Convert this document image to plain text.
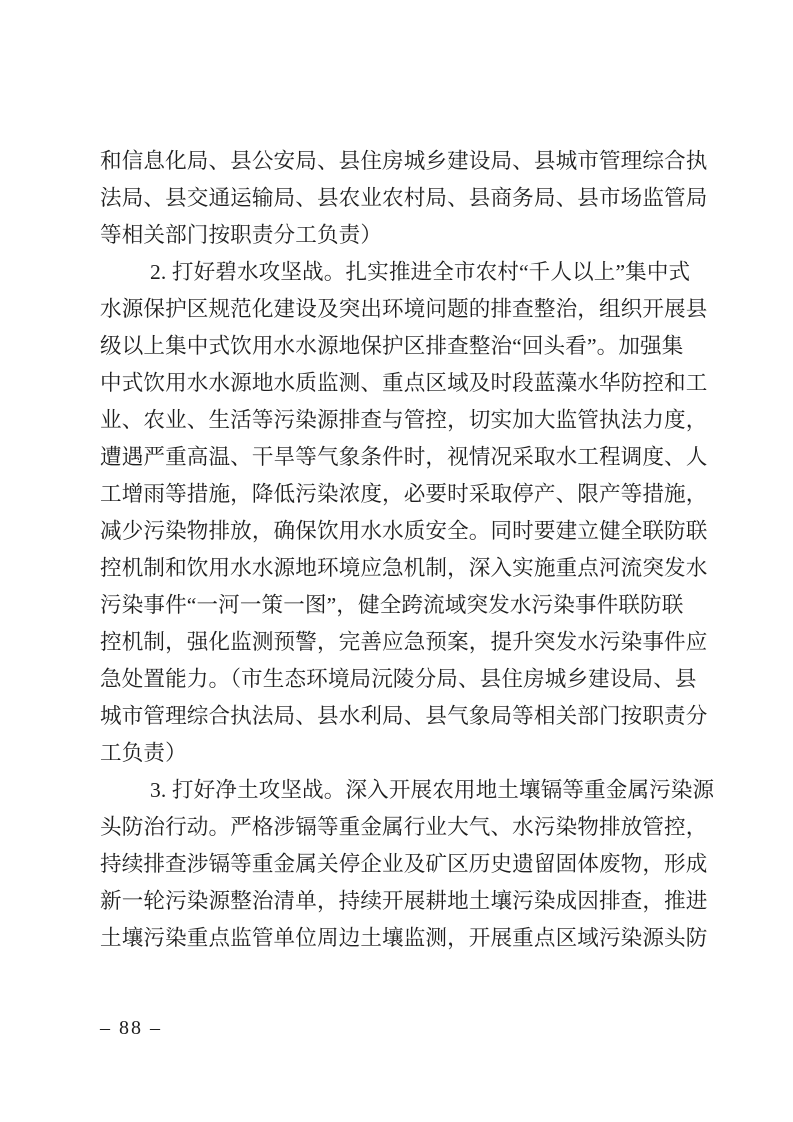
和信息化局、县公安局、县住房城乡建设局、县城市管理综合执
法局、县交通运输局、县农业农村局、县商务局、县市场监管局
等相关部门按职责分工负责）
2. 打好碧水攻坚战。扎实推进全市农村“千人以上”集中式
水源保护区规范化建设及突出环境问题的排查整治，组织开展县
级以上集中式饮用水水源地保护区排查整治“回头看”。加强集
中式饮用水水源地水质监测、重点区域及时段蓝藻水华防控和工
业、农业、生活等污染源排查与管控，切实加大监管执法力度，
遭遇严重高温、干旱等气象条件时，视情况采取水工程调度、人
工增雨等措施，降低污染浓度，必要时采取停产、限产等措施，
减少污染物排放，确保饮用水水质安全。同时要建立健全联防联
控机制和饮用水水源地环境应急机制，深入实施重点河流突发水
污染事件“一河一策一图”，健全跨流域突发水污染事件联防联
控机制，强化监测预警，完善应急预案，提升突发水污染事件应
急处置能力。（市生态环境局沅陵分局、县住房城乡建设局、县
城市管理综合执法局、县水利局、县气象局等相关部门按职责分
工负责）
3. 打好净土攻坚战。深入开展农用地土壤镉等重金属污染源
头防治行动。严格涉镉等重金属行业大气、水污染物排放管控，
持续排查涉镉等重金属关停企业及矿区历史遗留固体废物，形成
新一轮污染源整治清单，持续开展耕地土壤污染成因排查，推进
土壤污染重点监管单位周边土壤监测，开展重点区域污染源头防
– 88 –
